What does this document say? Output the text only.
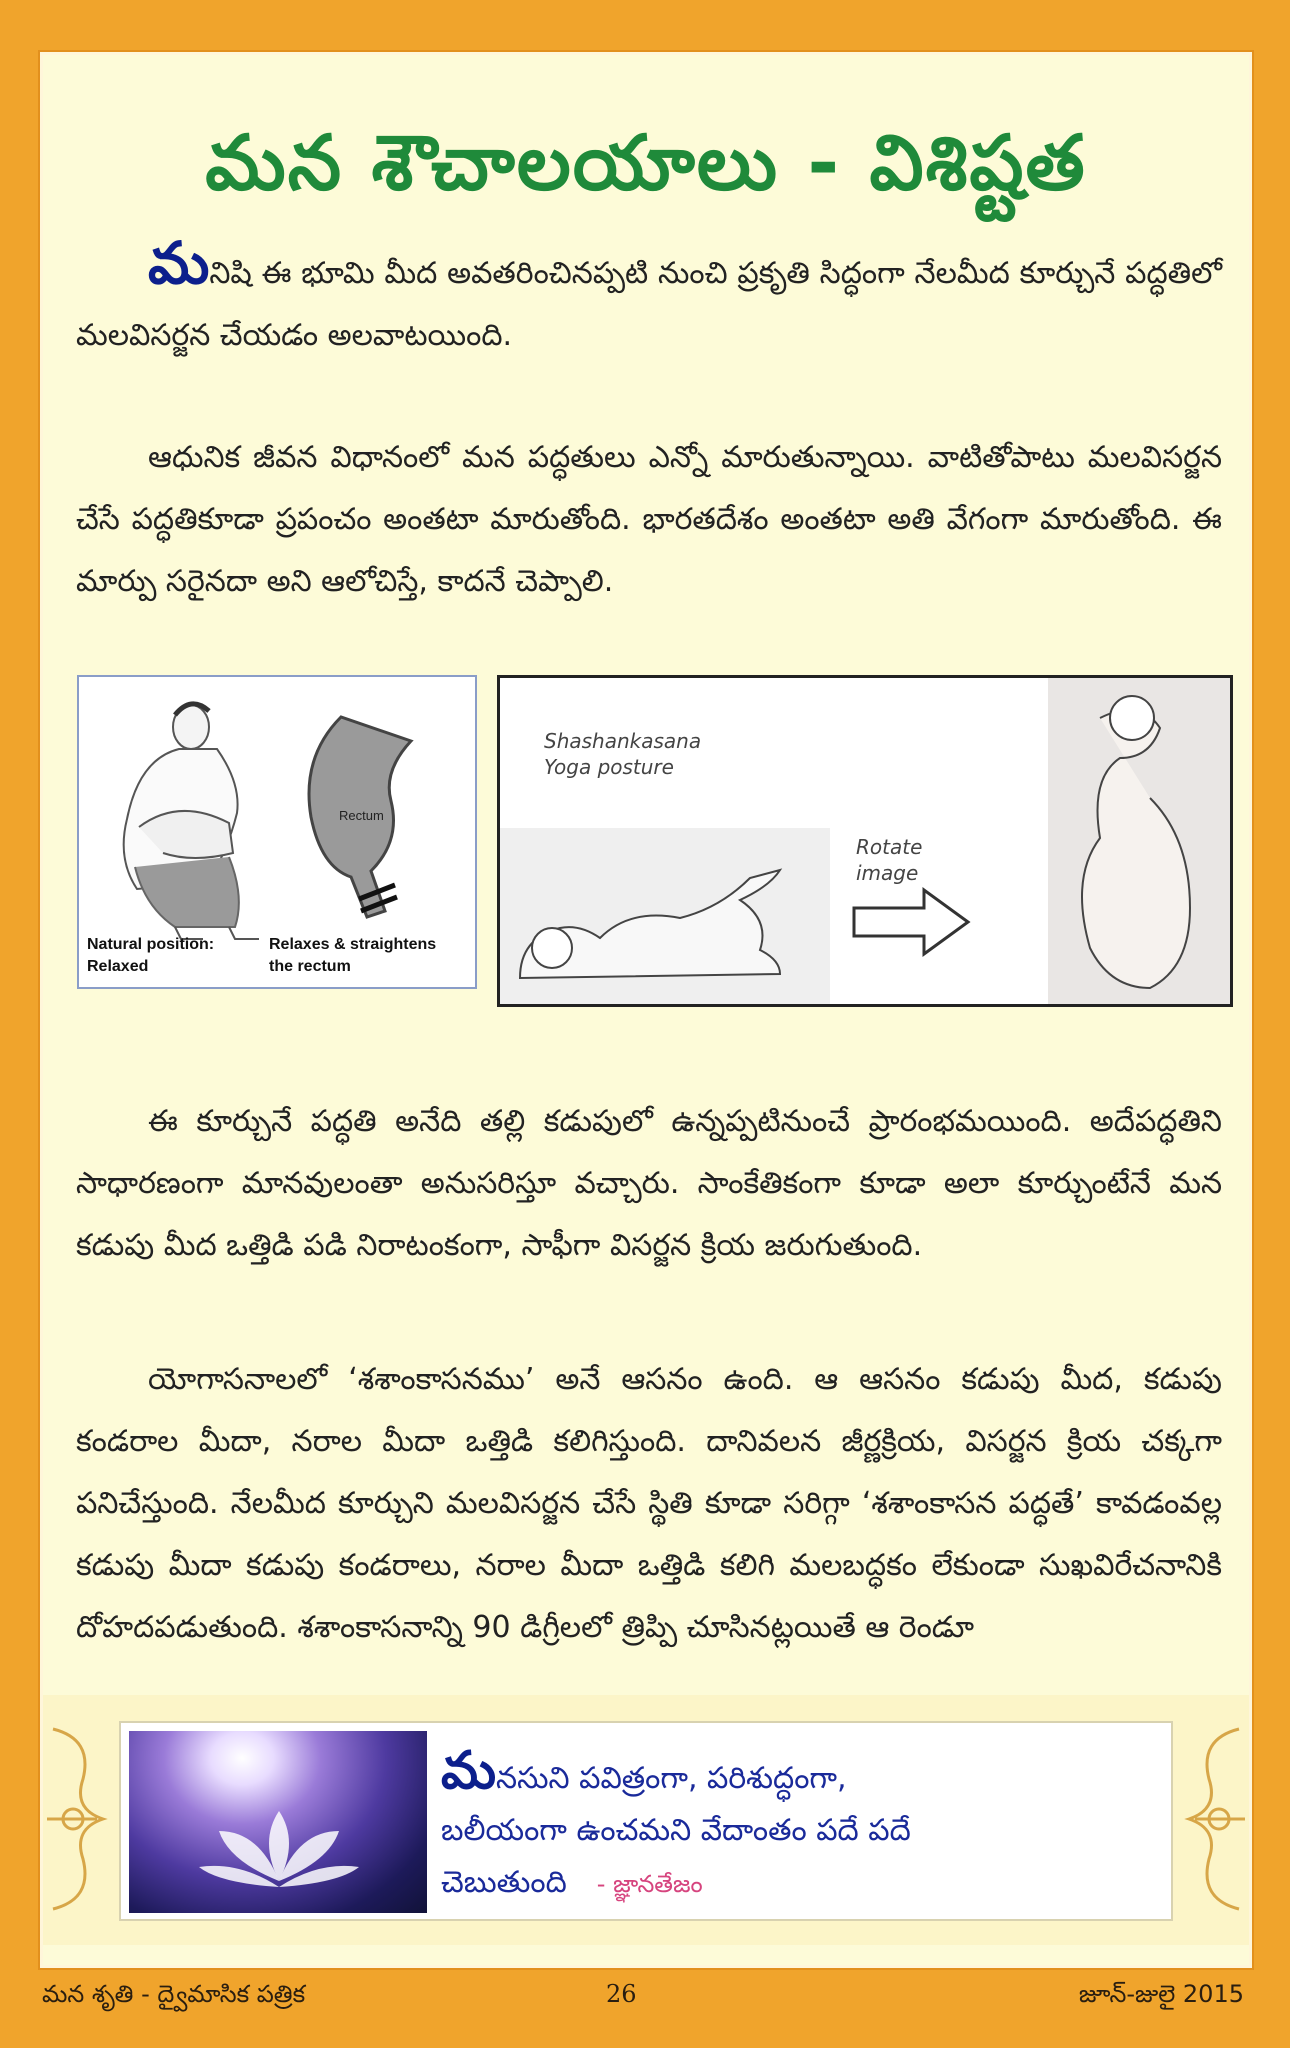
మన శౌచాలయాలు - విశిష్టత

మనిషి ఈ భూమి మీద అవతరించినప్పటి నుంచి ప్రకృతి సిద్ధంగా నేలమీద కూర్చునే పద్ధతిలో మలవిసర్జన చేయడం అలవాటయింది.

ఆధునిక జీవన విధానంలో మన పద్ధతులు ఎన్నో మారుతున్నాయి. వాటితోపాటు మలవిసర్జన చేసే పద్ధతికూడా ప్రపంచం అంతటా మారుతోంది. భారతదేశం అంతటా అతి వేగంగా మారుతోంది. ఈ మార్పు సరైనదా అని ఆలోచిస్తే, కాదనే చెప్పాలి.

Natural position:
Relaxed
Rectum
Relaxes & straightens
the rectum
Shashankasana
Yoga posture
Rotate
image

ఈ కూర్చునే పద్ధతి అనేది తల్లి కడుపులో ఉన్నప్పటినుంచే ప్రారంభమయింది. అదేపద్ధతిని సాధారణంగా మానవులంతా అనుసరిస్తూ వచ్చారు. సాంకేతికంగా కూడా అలా కూర్చుంటేనే మన కడుపు మీద ఒత్తిడి పడి నిరాటంకంగా, సాఫీగా విసర్జన క్రియ జరుగుతుంది.

యోగాసనాలలో ‘శశాంకాసనము’ అనే ఆసనం ఉంది. ఆ ఆసనం కడుపు మీద, కడుపు కండరాల మీదా, నరాల మీదా ఒత్తిడి కలిగిస్తుంది. దానివలన జీర్ణక్రియ, విసర్జన క్రియ చక్కగా పనిచేస్తుంది. నేలమీద కూర్చుని మలవిసర్జన చేసే స్థితి కూడా సరిగ్గా ‘శశాంకాసన పద్ధతే’ కావడంవల్ల కడుపు మీదా కడుపు కండరాలు, నరాల మీదా ఒత్తిడి కలిగి మలబద్ధకం లేకుండా సుఖవిరేచనానికి దోహదపడుతుంది. శశాంకాసనాన్ని 90 డిగ్రీలలో త్రిప్పి చూసినట్లయితే ఆ రెండూ

మనసుని పవిత్రంగా, పరిశుద్ధంగా,
బలీయంగా ఉంచమని వేదాంతం పదే పదే
చెబుతుంది - జ్ఞానతేజం
మన శృతి - ద్వైమాసిక పత్రిక	26	జూన్-జులై 2015
